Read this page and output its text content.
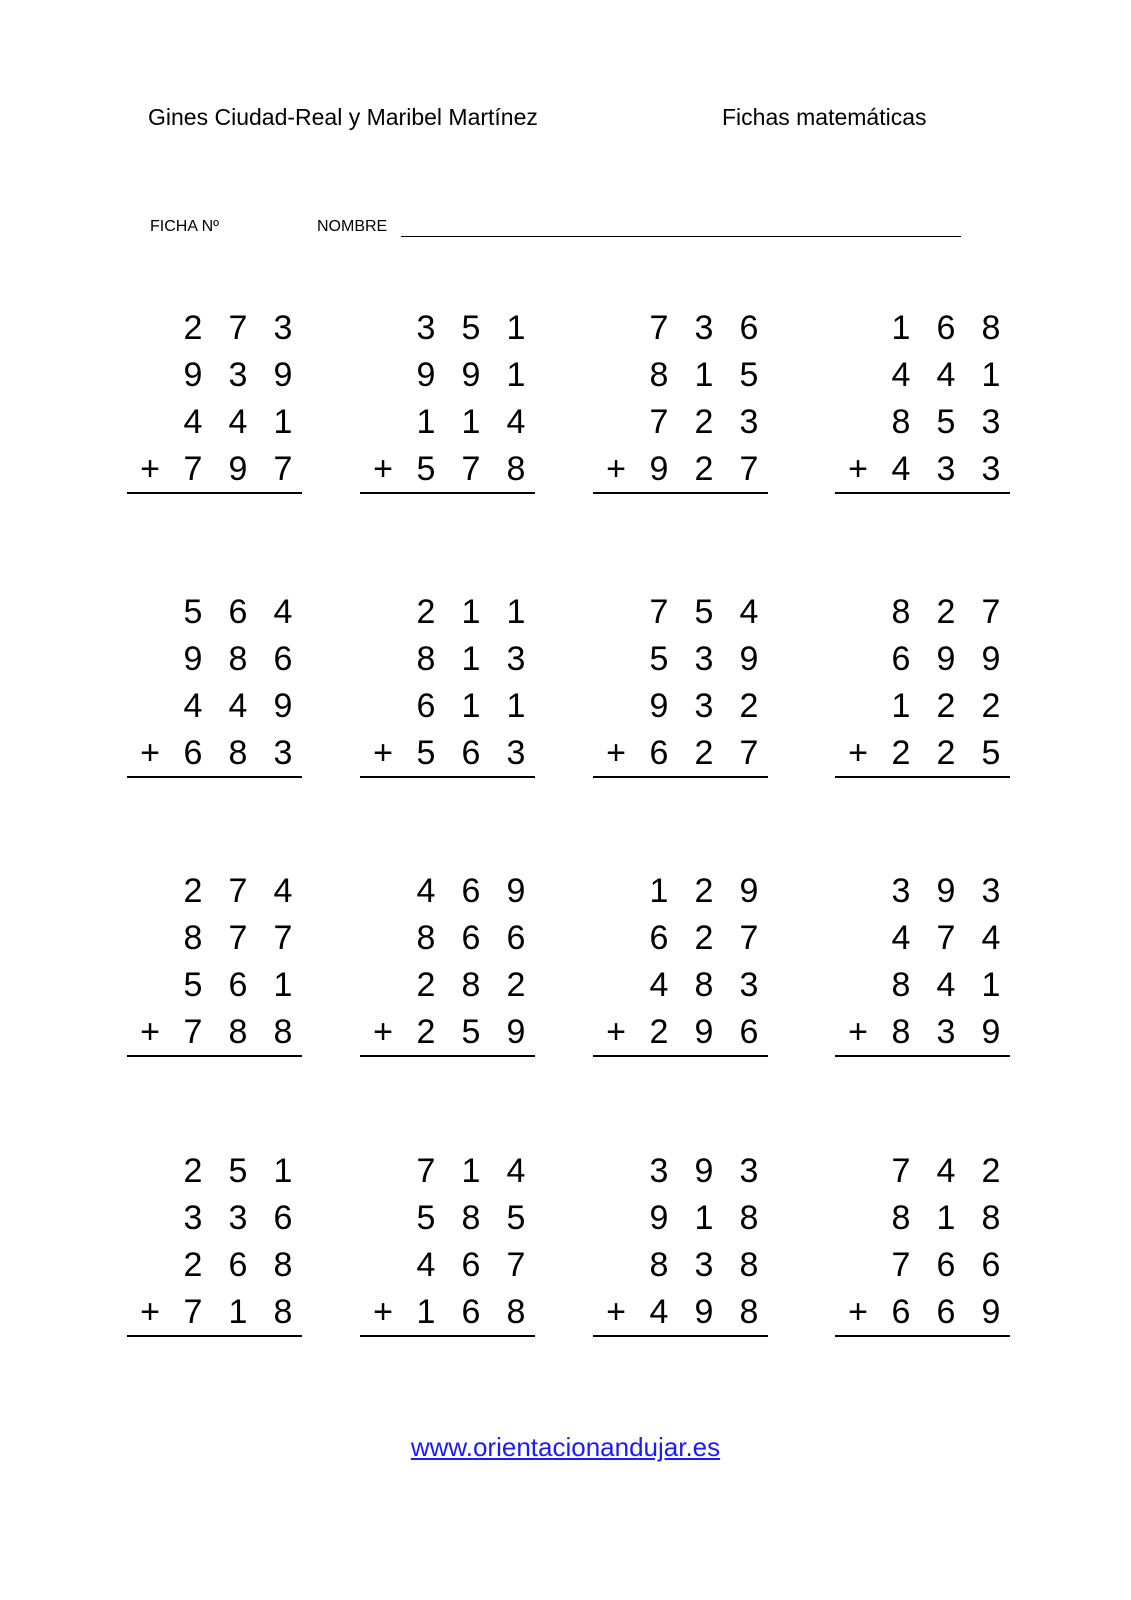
Gines Ciudad-Real y Maribel Martínez	Fichas matemáticas
FICHA Nº	NOMBRE
2 7 3
9 3 9
4 4 1
+ 7 9 7
3 5 1
9 9 1
1 1 4
+ 5 7 8
7 3 6
8 1 5
7 2 3
+ 9 2 7
1 6 8
4 4 1
8 5 3
+ 4 3 3
5 6 4
9 8 6
4 4 9
+ 6 8 3
2 1 1
8 1 3
6 1 1
+ 5 6 3
7 5 4
5 3 9
9 3 2
+ 6 2 7
8 2 7
6 9 9
1 2 2
+ 2 2 5
2 7 4
8 7 7
5 6 1
+ 7 8 8
4 6 9
8 6 6
2 8 2
+ 2 5 9
1 2 9
6 2 7
4 8 3
+ 2 9 6
3 9 3
4 7 4
8 4 1
+ 8 3 9
2 5 1
3 3 6
2 6 8
+ 7 1 8
7 1 4
5 8 5
4 6 7
+ 1 6 8
3 9 3
9 1 8
8 3 8
+ 4 9 8
7 4 2
8 1 8
7 6 6
+ 6 6 9
www.orientacionandujar.es
